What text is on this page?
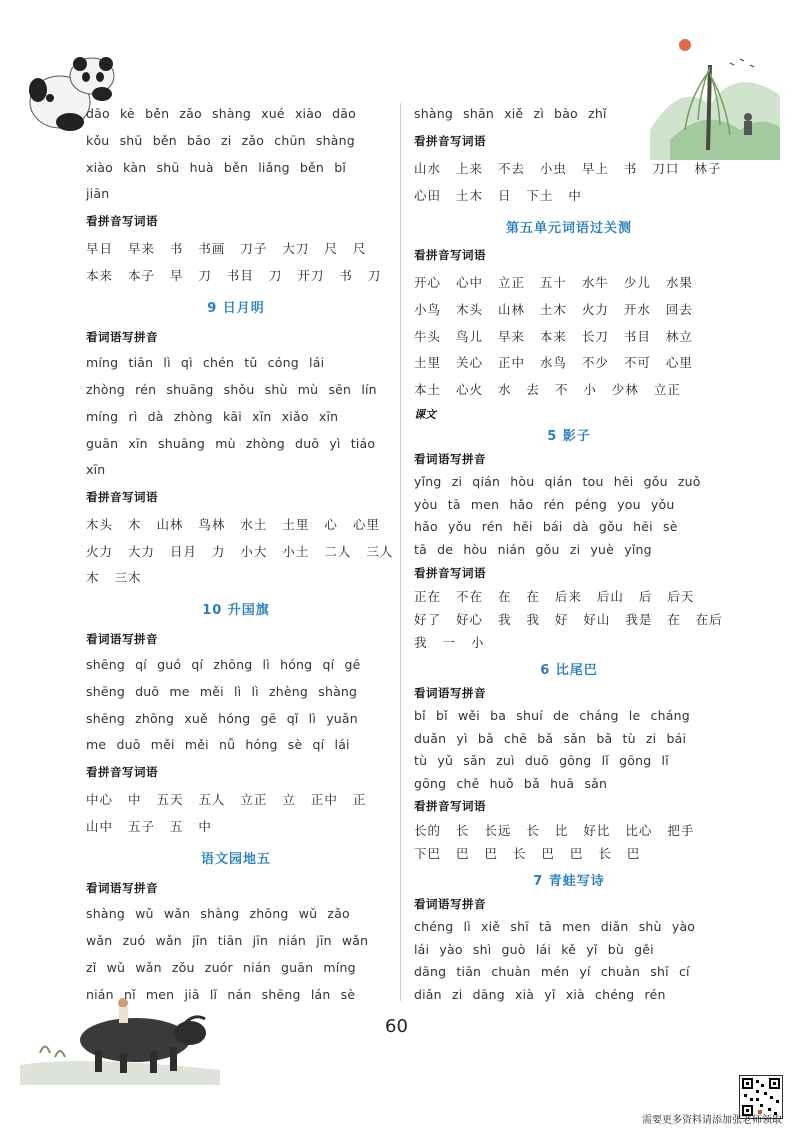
dāo kè běn zǎo shàng xué xiào dāo
kǒu shū běn bāo zi zǎo chūn shàng
xiào kàn shū huà běn liǎng běn bǐ
jiān
看拼音写词语
早日 早来 书 书画 刀子 大刀 尺 尺
本来 本子 早 刀 书目 刀 开刀 书 刀
9 日月明
看词语写拼音
míng tiān lì qì chén tǔ cóng lái
zhòng rén shuāng shǒu shù mù sēn lín
míng rì dà zhòng kāi xīn xiǎo xīn
guān xīn shuāng mù zhòng duō yì tiáo
xīn
看拼音写词语
木头 木 山林 鸟林 水土 土里 心 心里
火力 大力 日月 力 小大 小土 二人 三人
木 三木
10 升国旗
看词语写拼音
shēng qí guó qí zhōng lì hóng qí gē
shēng duō me měi lì lì zhèng shàng
shēng zhōng xuě hóng gē qǐ lì yuǎn
me duō měi měi nǚ hóng sè qí lái
看拼音写词语
中心 中 五天 五人 立正 立 正中 正
山中 五子 五 中
语文园地五
看词语写拼音
shàng wǔ wǎn shàng zhōng wǔ zǎo
wǎn zuó wǎn jīn tiān jīn nián jīn wǎn
zǐ wǔ wǎn zǒu zuór nián guān míng
nián nǐ men jiā lǐ nán shēng lán sè
shàng shān xiě zì bào zhǐ
看拼音写词语
山水 上来 不去 小虫 早上 书 刀口 林子
心田 土木 日 下土 中
第五单元词语过关测
看拼音写词语
开心 心中 立正 五十 水牛 少儿 水果
小鸟 木头 山林 土木 火力 开水 回去
牛头 鸟儿 早来 本来 长刀 书目 林立
土里 关心 正中 水鸟 不少 不可 心里
本土 心火 水 去 不 小 少林 立正
课文
5 影子
看词语写拼音
yǐng zi qián hòu qián tou hēi gǒu zuǒ
yòu tā men hǎo rén péng you yǒu
hǎo yǒu rén hēi bái dà gǒu hēi sè
tā de hòu nián gǒu zi yuè yǐng
看拼音写词语
正在 不在 在 在 后来 后山 后 后天
好了 好心 我 我 好 好山 我是 在 在后
我 一 小
6 比尾巴
看词语写拼音
bǐ bǐ wěi ba shuí de cháng le cháng
duǎn yì bǎ chē bǎ sǎn bǎ tù zi bái
tù yǔ sǎn zuì duō gōng lǐ gōng lǐ
gōng chē huǒ bǎ huā sǎn
看拼音写词语
长的 长 长远 长 比 好比 比心 把手
下巴 巴 巴 长 巴 巴 长 巴
7 青蛙写诗
看词语写拼音
chéng lì xiě shī tā men diǎn shù yào
lái yào shì guò lái kě yǐ bù gěi
dāng tiān chuàn mén yí chuàn shī cí
diǎn zi dāng xià yǐ xià chéng rén
60
需要更多资料请添加张老师领取
